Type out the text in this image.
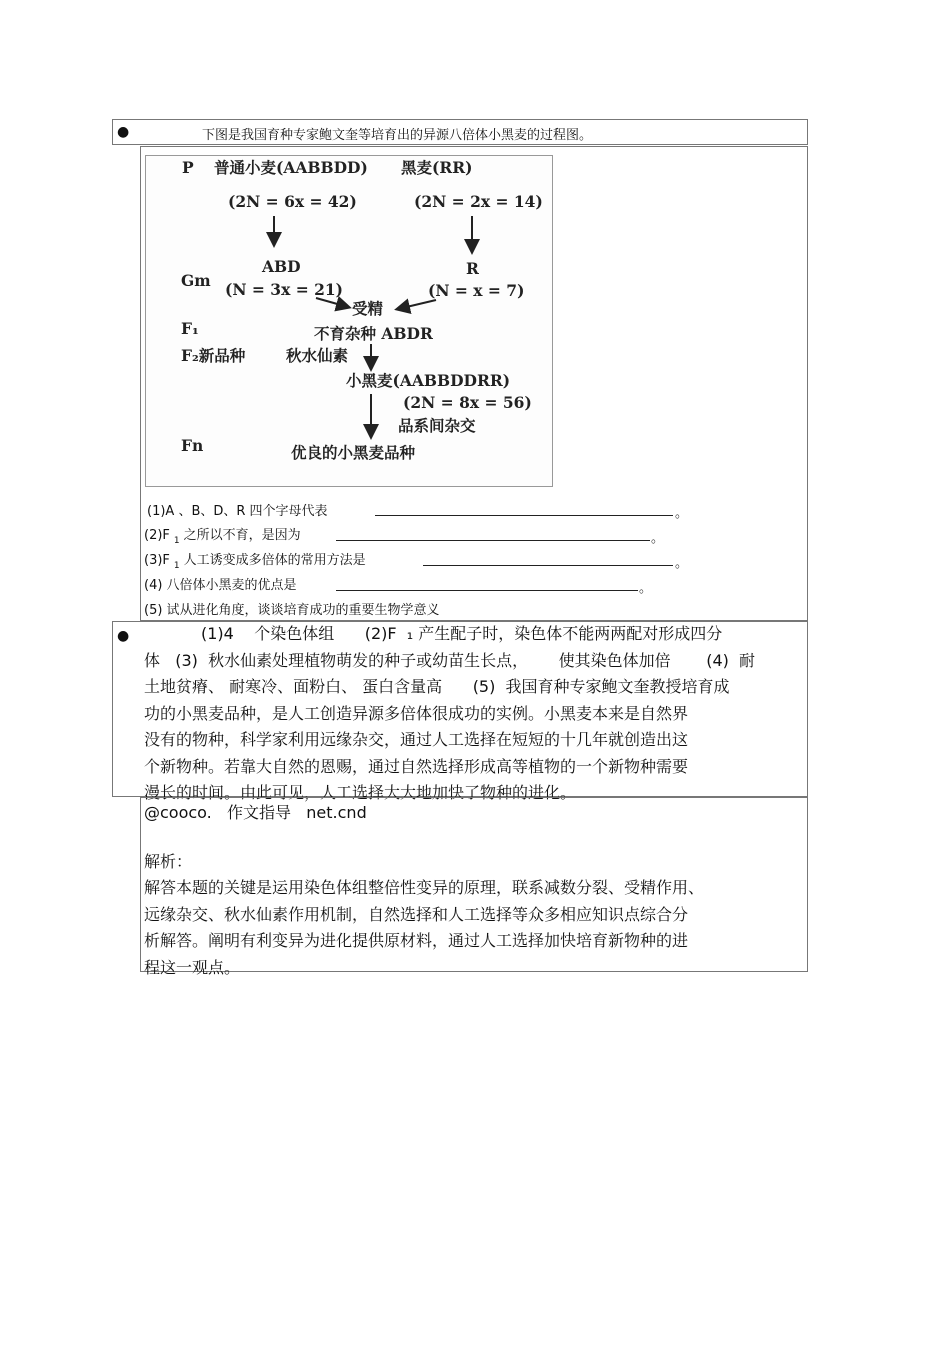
●	下图是我国育种专家鲍文奎等培育出的异源八倍体小黑麦的过程图。
P 普通小麦(AABBDD) 黑麦(RR)
(2N = 6x = 42)	(2N = 2x = 14)
Gm
ABD
(N = 3x = 21)
R
(N = x = 7)
受精
F₁	不育杂种 ABDR
F₂新品种	秋水仙素
小黑麦(AABBDDRR)
(2N = 8x = 56)
品系间杂交
Fn	优良的小黑麦品种
(1)A 、B、D、R 四个字母代表	。
(2)F $_1$ 之所以不育，是因为	。
(3)F $_1$ 人工诱变成多倍体的常用方法是	。
(4) 八倍体小黑麦的优点是	。
(5) 试从进化角度，谈谈培育成功的重要生物学意义
●	(1)4    个染色体组      (2)F  ₁ 产生配子时，染色体不能两两配对形成四分
体   (3)  秋水仙素处理植物萌发的种子或幼苗生长点，      使其染色体加倍       (4)  耐
土地贫瘠、 耐寒冷、面粉白、 蛋白含量高      (5)  我国育种专家鲍文奎教授培育成
功的小黑麦品种，是人工创造异源多倍体很成功的实例。小黑麦本来是自然界
没有的物种，科学家利用远缘杂交，通过人工选择在短短的十几年就创造出这
个新物种。若靠大自然的恩赐，通过自然选择形成高等植物的一个新物种需要
漫长的时间。由此可见，人工选择大大地加快了物种的进化。
@cooco.   作文指导   net.cnd
解析：
解答本题的关键是运用染色体组整倍性变异的原理，联系减数分裂、受精作用、
远缘杂交、秋水仙素作用机制，自然选择和人工选择等众多相应知识点综合分
析解答。阐明有利变异为进化提供原材料，通过人工选择加快培育新物种的进
程这一观点。
